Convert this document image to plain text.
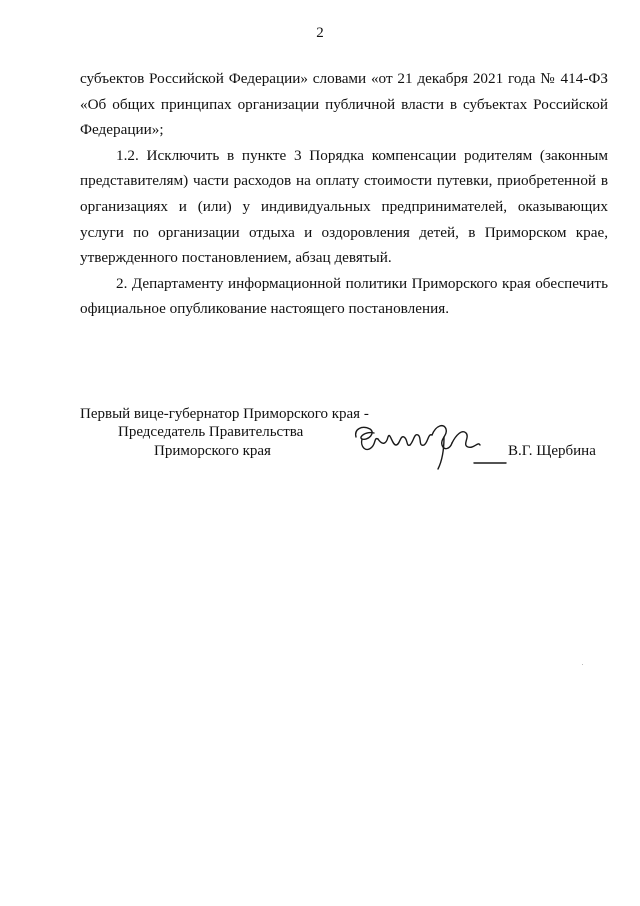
2

субъектов Российской Федерации» словами «от 21 декабря 2021 года № 414-ФЗ «Об общих принципах организации публичной власти в субъектах Российской Федерации»;

1.2. Исключить в пункте 3 Порядка компенсации родителям (законным представителям) части расходов на оплату стоимости путевки, приобретенной в организациях и (или) у индивидуальных предпринимателей, оказывающих услуги по организации отдыха и оздоровления детей, в Приморском крае, утвержденного постановлением, абзац девятый.

2. Департаменту информационной политики Приморского края обеспечить официальное опубликование настоящего постановления.

Первый вице-губернатор Приморского края -
Председатель Правительства
Приморского края	В.Г. Щербина
